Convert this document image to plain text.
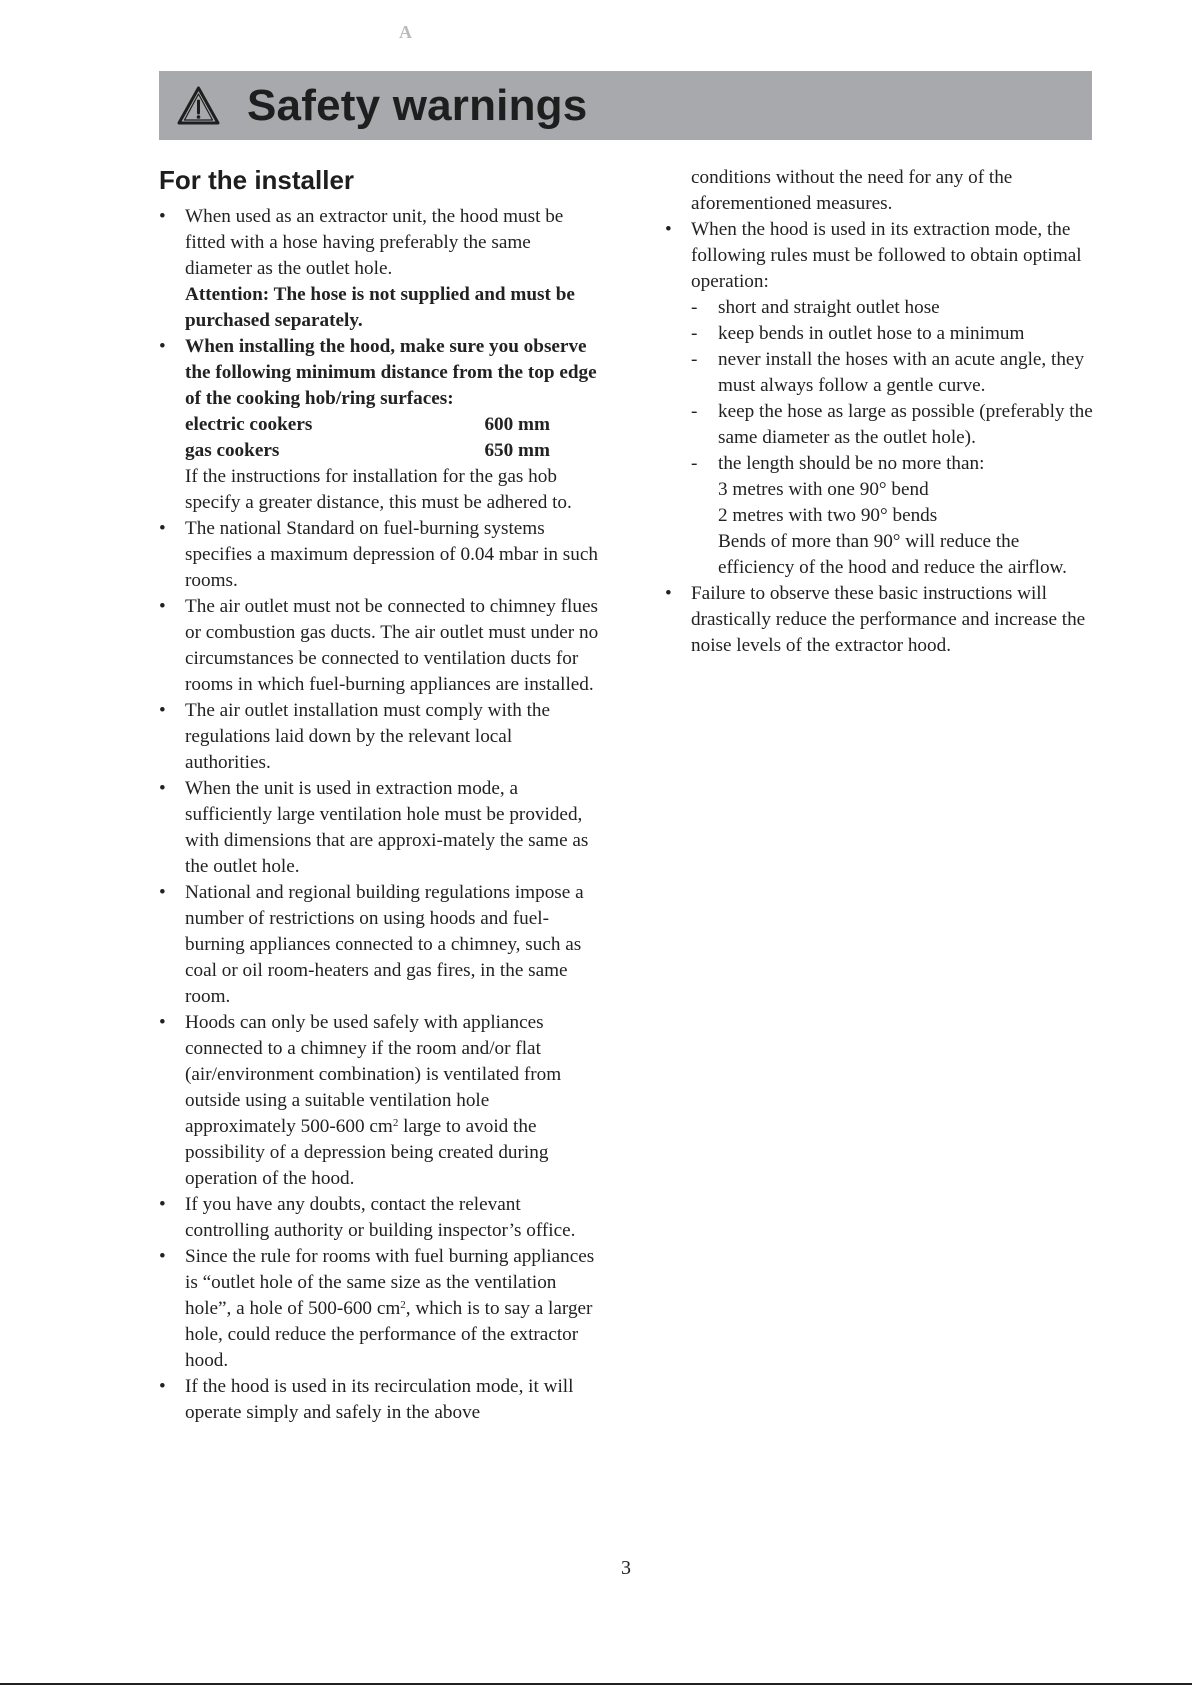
A
Safety warnings
For the installer
• When used as an extractor unit, the hood must be fitted with a hose having preferably the same diameter as the outlet hole.

Attention: The hose is not supplied and must be purchased separately.

• When installing the hood, make sure you observe the following minimum distance from the top edge of the cooking hob/ring surfaces:

electric cookers	600 mm
gas cookers	650 mm

If the instructions for installation for the gas hob specify a greater distance, this must be adhered to.

• The national Standard on fuel-burning systems specifies a maximum depression of 0.04 mbar in such rooms.

• The air outlet must not be connected to chimney flues or combustion gas ducts. The air outlet must under no circumstances be connected to ventilation ducts for rooms in which fuel-burning appliances are installed.

• The air outlet installation must comply with the regulations laid down by the relevant local authorities.

• When the unit is used in extraction mode, a sufficiently large ventilation hole must be provided, with dimensions that are approxi-mately the same as the outlet hole.

• National and regional building regulations impose a number of restrictions on using hoods and fuel-burning appliances connected to a chimney, such as coal or oil room-heaters and gas fires, in the same room.

• Hoods can only be used safely with appliances connected to a chimney if the room and/or flat (air/environment combination) is ventilated from outside using a suitable ventilation hole approximately 500-600 $cm^2$ large to avoid the possibility of a depression being created during operation of the hood.

• If you have any doubts, contact the relevant controlling authority or building inspector’s office.

• Since the rule for rooms with fuel burning appliances is “outlet hole of the same size as the ventilation hole”, a hole of 500-600 $cm^2$, which is to say a larger hole, could reduce the performance of the extractor hood.

• If the hood is used in its recirculation mode, it will operate simply and safely in the above

conditions without the need for any of the aforementioned measures.

• When the hood is used in its extraction mode, the following rules must be followed to obtain optimal operation:

- short and straight outlet hose

- keep bends in outlet hose to a minimum

- never install the hoses with an acute angle, they must always follow a gentle curve.

- keep the hose as large as possible (preferably the same diameter as the outlet hole).

- the length should be no more than:

3 metres with one 90° bend

2 metres with two 90° bends

Bends of more than 90° will reduce the efficiency of the hood and reduce the airflow.

• Failure to observe these basic instructions will drastically reduce the performance and increase the noise levels of the extractor hood.

3
